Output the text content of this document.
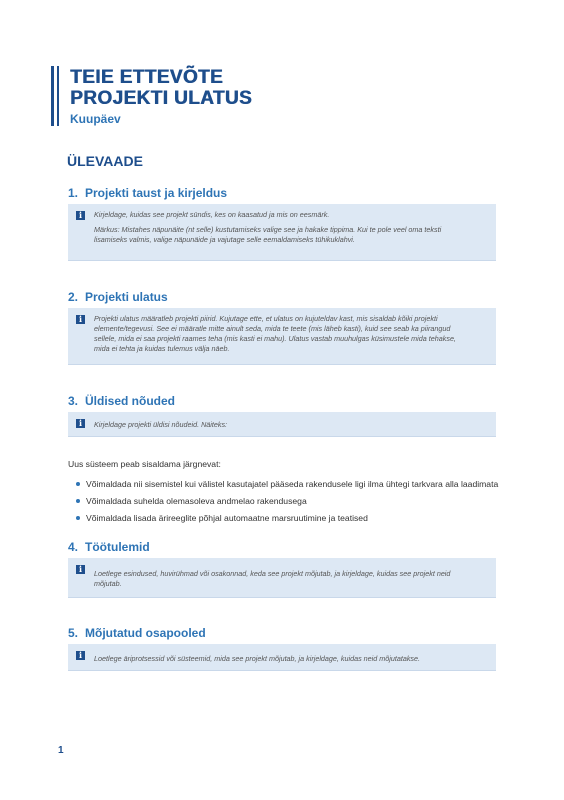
TEIE ETTEVÕTE
PROJEKTI ULATUS
Kuupäev
ÜLEVAADE
1. Projekti taust ja kirjeldus
i	Kirjeldage, kuidas see projekt sündis, kes on kaasatud ja mis on eesmärk.

Märkus: Mistahes näpunäite (nt selle) kustutamiseks valige see ja hakake tippima. Kui te pole veel oma teksti lisamiseks valmis, valige näpunäide ja vajutage selle eemaldamiseks tühikuklahvi.

2. Projekti ulatus
i	Projekti ulatus määratleb projekti piirid. Kujutage ette, et ulatus on kujuteldav kast, mis sisaldab kõiki projekti elemente/tegevusi. See ei määratle mitte ainult seda, mida te teete (mis läheb kasti), kuid see seab ka piirangud sellele, mida ei saa projekti raames teha (mis kasti ei mahu). Ulatus vastab muuhulgas küsimustele mida tehakse, mida ei tehta ja kuidas tulemus välja näeb.

3. Üldised nõuded
i	Kirjeldage projekti üldisi nõudeid. Näiteks:

Uus süsteem peab sisaldama järgnevat:
Võimaldada nii sisemistel kui välistel kasutajatel pääseda rakendusele ligi ilma ühtegi tarkvara alla laadimata
Võimaldada suhelda olemasoleva andmelao rakendusega
Võimaldada lisada ärireeglite põhjal automaatne marsruutimine ja teatised
4. Töötulemid
i	Loetlege esindused, huvirühmad või osakonnad, keda see projekt mõjutab, ja kirjeldage, kuidas see projekt neid mõjutab.

5. Mõjutatud osapooled
i	Loetlege äriprotsessid või süsteemid, mida see projekt mõjutab, ja kirjeldage, kuidas neid mõjutatakse.

1
